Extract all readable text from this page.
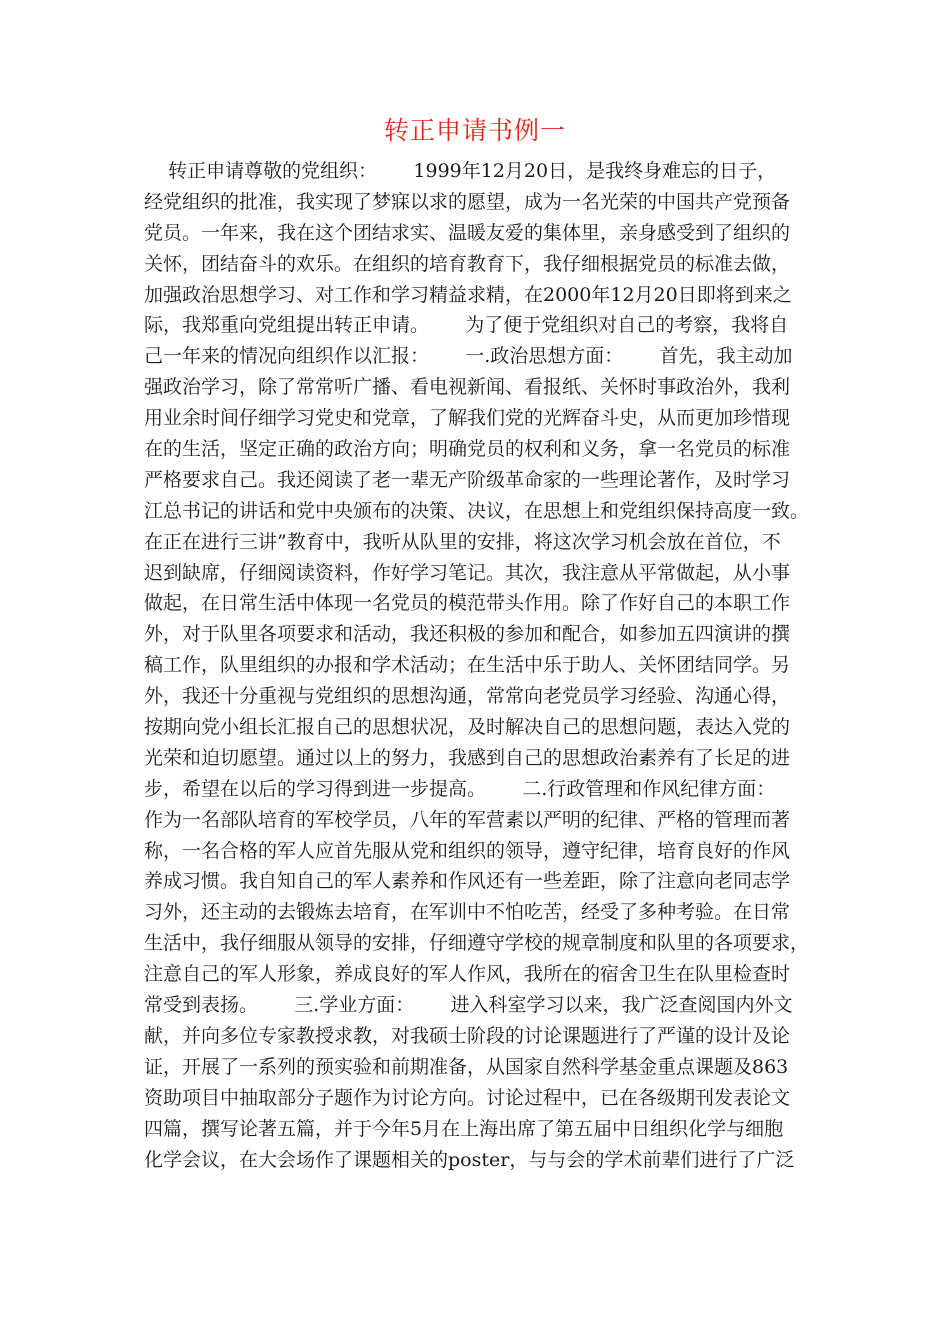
转正申请书例一
转正申请尊敬的党组织：      1999年12月20日，是我终身难忘的日子，
经党组织的批准，我实现了梦寐以求的愿望，成为一名光荣的中国共产党预备
党员。一年来，我在这个团结求实、温暖友爱的集体里，亲身感受到了组织的
关怀，团结奋斗的欢乐。在组织的培育教育下，我仔细根据党员的标准去做，
加强政治思想学习、对工作和学习精益求精，在2000年12月20日即将到来之
际，我郑重向党组提出转正申请。      为了便于党组织对自己的考察，我将自
己一年来的情况向组织作以汇报：      一.政治思想方面：      首先，我主动加
强政治学习，除了常常听广播、看电视新闻、看报纸、关怀时事政治外，我利
用业余时间仔细学习党史和党章，了解我们党的光辉奋斗史，从而更加珍惜现
在的生活，坚定正确的政治方向；明确党员的权利和义务，拿一名党员的标准
严格要求自己。我还阅读了老一辈无产阶级革命家的一些理论著作，及时学习
江总书记的讲话和党中央颁布的决策、决议，在思想上和党组织保持高度一致。
在正在进行三讲”教育中，我听从队里的安排，将这次学习机会放在首位，不
迟到缺席，仔细阅读资料，作好学习笔记。其次，我注意从平常做起，从小事
做起，在日常生活中体现一名党员的模范带头作用。除了作好自己的本职工作
外，对于队里各项要求和活动，我还积极的参加和配合，如参加五四演讲的撰
稿工作，队里组织的办报和学术活动；在生活中乐于助人、关怀团结同学。另
外，我还十分重视与党组织的思想沟通，常常向老党员学习经验、沟通心得，
按期向党小组长汇报自己的思想状况，及时解决自己的思想问题，表达入党的
光荣和迫切愿望。通过以上的努力，我感到自己的思想政治素养有了长足的进
步，希望在以后的学习得到进一步提高。      二.行政管理和作风纪律方面：
作为一名部队培育的军校学员，八年的军营素以严明的纪律、严格的管理而著
称，一名合格的军人应首先服从党和组织的领导，遵守纪律，培育良好的作风
养成习惯。我自知自己的军人素养和作风还有一些差距，除了注意向老同志学
习外，还主动的去锻炼去培育，在军训中不怕吃苦，经受了多种考验。在日常
生活中，我仔细服从领导的安排，仔细遵守学校的规章制度和队里的各项要求，
注意自己的军人形象，养成良好的军人作风，我所在的宿舍卫生在队里检查时
常受到表扬。      三.学业方面：      进入科室学习以来，我广泛查阅国内外文
献，并向多位专家教授求教，对我硕士阶段的讨论课题进行了严谨的设计及论
证，开展了一系列的预实验和前期准备，从国家自然科学基金重点课题及863
资助项目中抽取部分子题作为讨论方向。讨论过程中，已在各级期刊发表论文
四篇，撰写论著五篇，并于今年5月在上海出席了第五届中日组织化学与细胞
化学会议，在大会场作了课题相关的poster，与与会的学术前辈们进行了广泛
